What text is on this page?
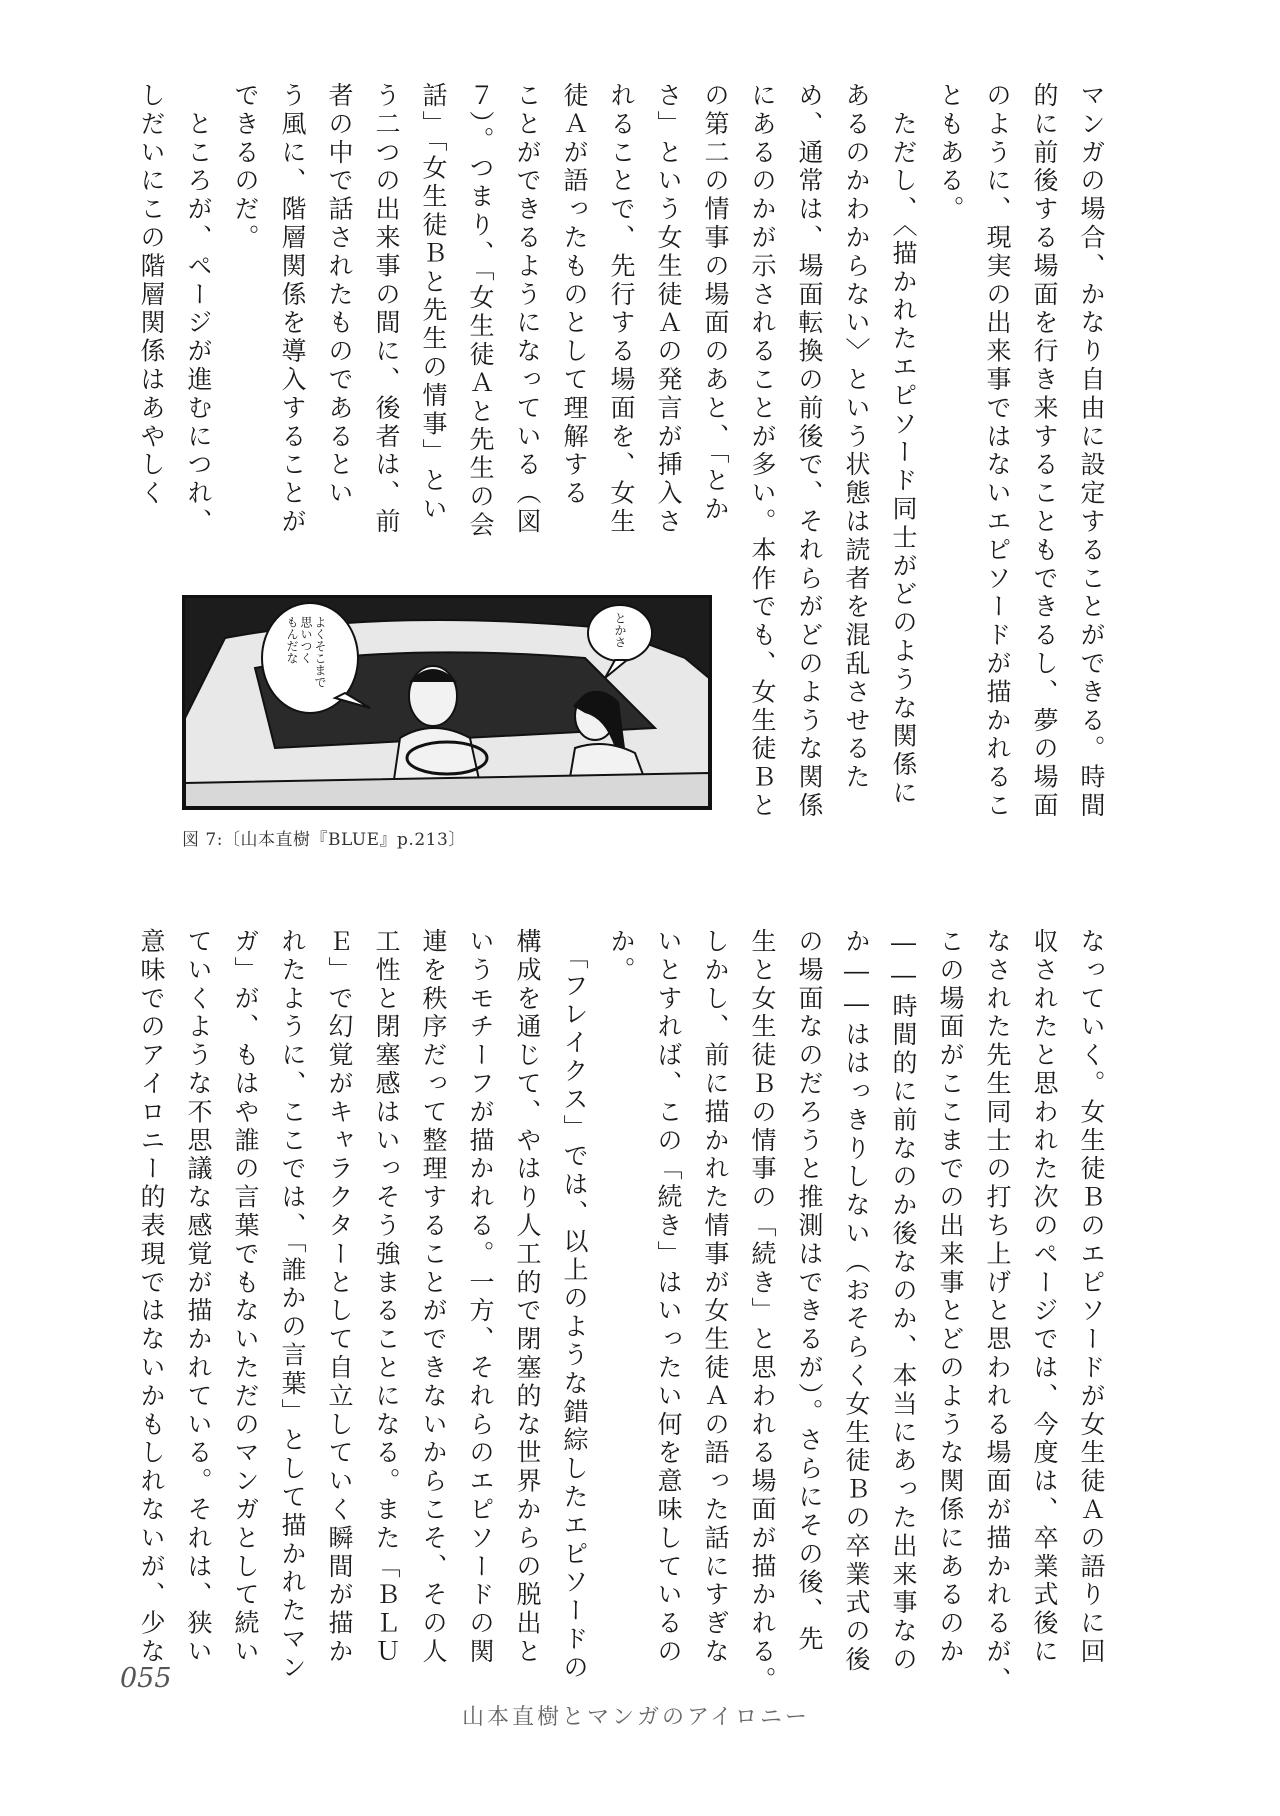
マンガの場合、かなり自由に設定することができる。時間
的に前後する場面を行き来することもできるし、夢の場面
のように、現実の出来事ではないエピソードが描かれるこ
ともある。
　ただし、〈描かれたエピソード同士がどのような関係に
あるのかわからない〉という状態は読者を混乱させるた
め、通常は、場面転換の前後で、それらがどのような関係
にあるのかが示されることが多い。本作でも、女生徒Ｂと
の第二の情事の場面のあと、「とか
さ」という女生徒Ａの発言が挿入さ
れることで、先行する場面を、女生
徒Ａが語ったものとして理解する
ことができるようになっている（図
７）。つまり、「女生徒Ａと先生の会
話」「女生徒Ｂと先生の情事」とい
う二つの出来事の間に、後者は、前
者の中で話されたものであるとい
う風に、階層関係を導入することが
できるのだ。
　ところが、ページが進むにつれ、
しだいにこの階層関係はあやしく

よくそこまで
思いつく
もんだな	とかさ
図 7:〔山本直樹『BLUE』p.213〕

なっていく。女生徒Ｂのエピソードが女生徒Ａの語りに回
収されたと思われた次のページでは、今度は、卒業式後に
なされた先生同士の打ち上げと思われる場面が描かれるが、
この場面がここまでの出来事とどのような関係にあるのか
――時間的に前なのか後なのか、本当にあった出来事なの
か――ははっきりしない（おそらく女生徒Ｂの卒業式の後
の場面なのだろうと推測はできるが）。さらにその後、先
生と女生徒Ｂの情事の「続き」と思われる場面が描かれる。
しかし、前に描かれた情事が女生徒Ａの語った話にすぎな
いとすれば、この「続き」はいったい何を意味しているの
か。
　「フレイクス」では、以上のような錯綜したエピソードの
構成を通じて、やはり人工的で閉塞的な世界からの脱出と
いうモチーフが描かれる。一方、それらのエピソードの関
連を秩序だって整理することができないからこそ、その人
工性と閉塞感はいっそう強まることになる。また「ＢＬＵ
Ｅ」で幻覚がキャラクターとして自立していく瞬間が描か
れたように、ここでは、「誰かの言葉」として描かれたマン
ガ」が、もはや誰の言葉でもないただのマンガとして続い
ていくような不思議な感覚が描かれている。それは、狭い
意味でのアイロニー的表現ではないかもしれないが、少な

055
山本直樹とマンガのアイロニー
